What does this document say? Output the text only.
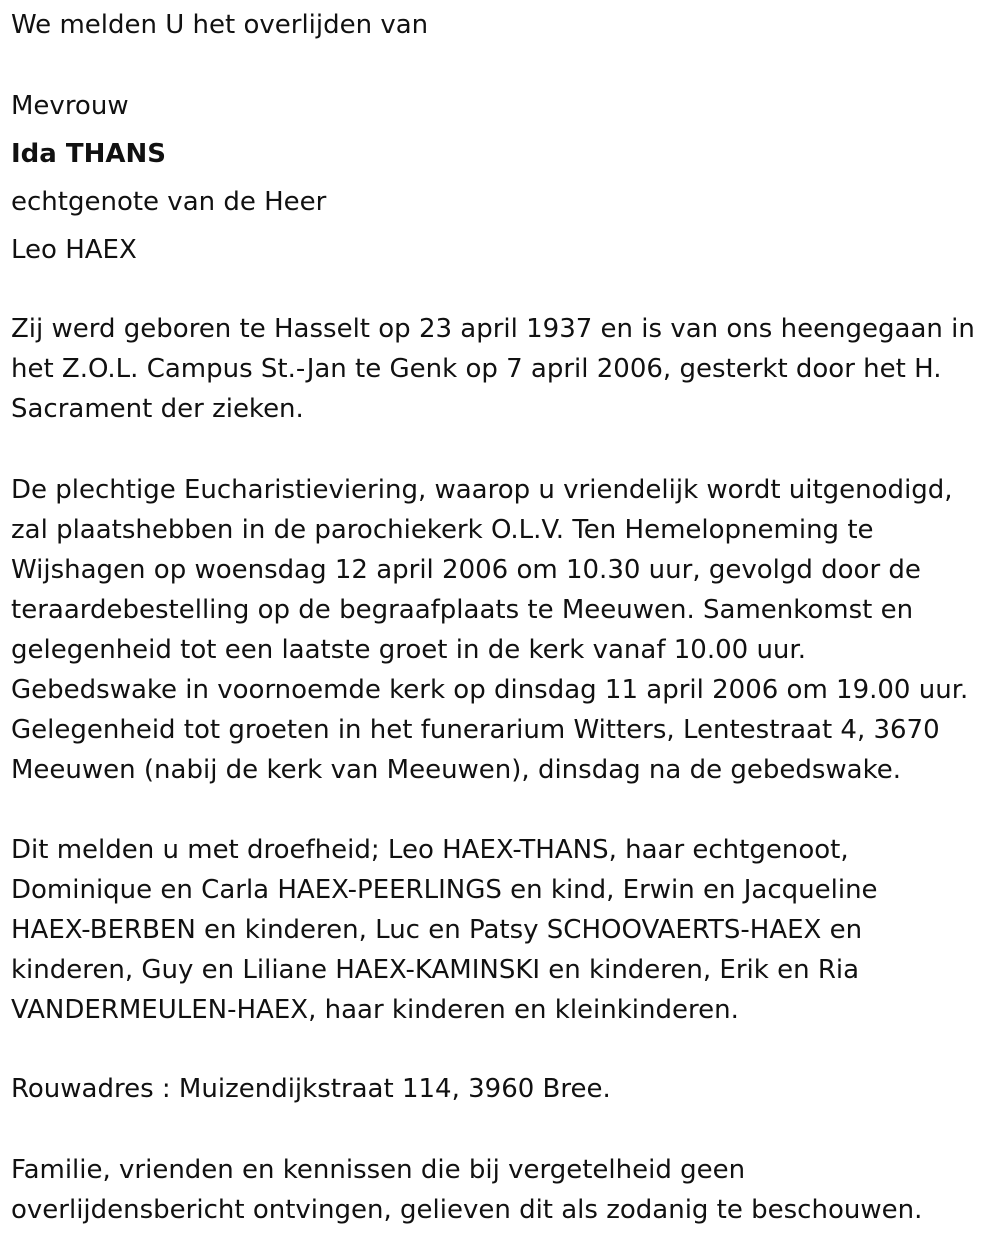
We melden U het overlijden van

Mevrouw

Ida THANS

echtgenote van de Heer

Leo HAEX

Zij werd geboren te Hasselt op 23 april 1937 en is van ons heengegaan in
het Z.O.L. Campus St.-Jan te Genk op 7 april 2006, gesterkt door het H.
Sacrament der zieken.
De plechtige Eucharistieviering, waarop u vriendelijk wordt uitgenodigd,
zal plaatshebben in de parochiekerk O.L.V. Ten Hemelopneming te
Wijshagen op woensdag 12 april 2006 om 10.30 uur, gevolgd door de
teraardebestelling op de begraafplaats te Meeuwen. Samenkomst en
gelegenheid tot een laatste groet in de kerk vanaf 10.00 uur.
Gebedswake in voornoemde kerk op dinsdag 11 april 2006 om 19.00 uur.
Gelegenheid tot groeten in het funerarium Witters, Lentestraat 4, 3670
Meeuwen (nabij de kerk van Meeuwen), dinsdag na de gebedswake.
Dit melden u met droefheid; Leo HAEX-THANS, haar echtgenoot,
Dominique en Carla HAEX-PEERLINGS en kind, Erwin en Jacqueline
HAEX-BERBEN en kinderen, Luc en Patsy SCHOOVAERTS-HAEX en
kinderen, Guy en Liliane HAEX-KAMINSKI en kinderen, Erik en Ria
VANDERMEULEN-HAEX, haar kinderen en kleinkinderen.

Rouwadres : Muizendijkstraat 114, 3960 Bree.

Familie, vrienden en kennissen die bij vergetelheid geen
overlijdensbericht ontvingen, gelieven dit als zodanig te beschouwen.
